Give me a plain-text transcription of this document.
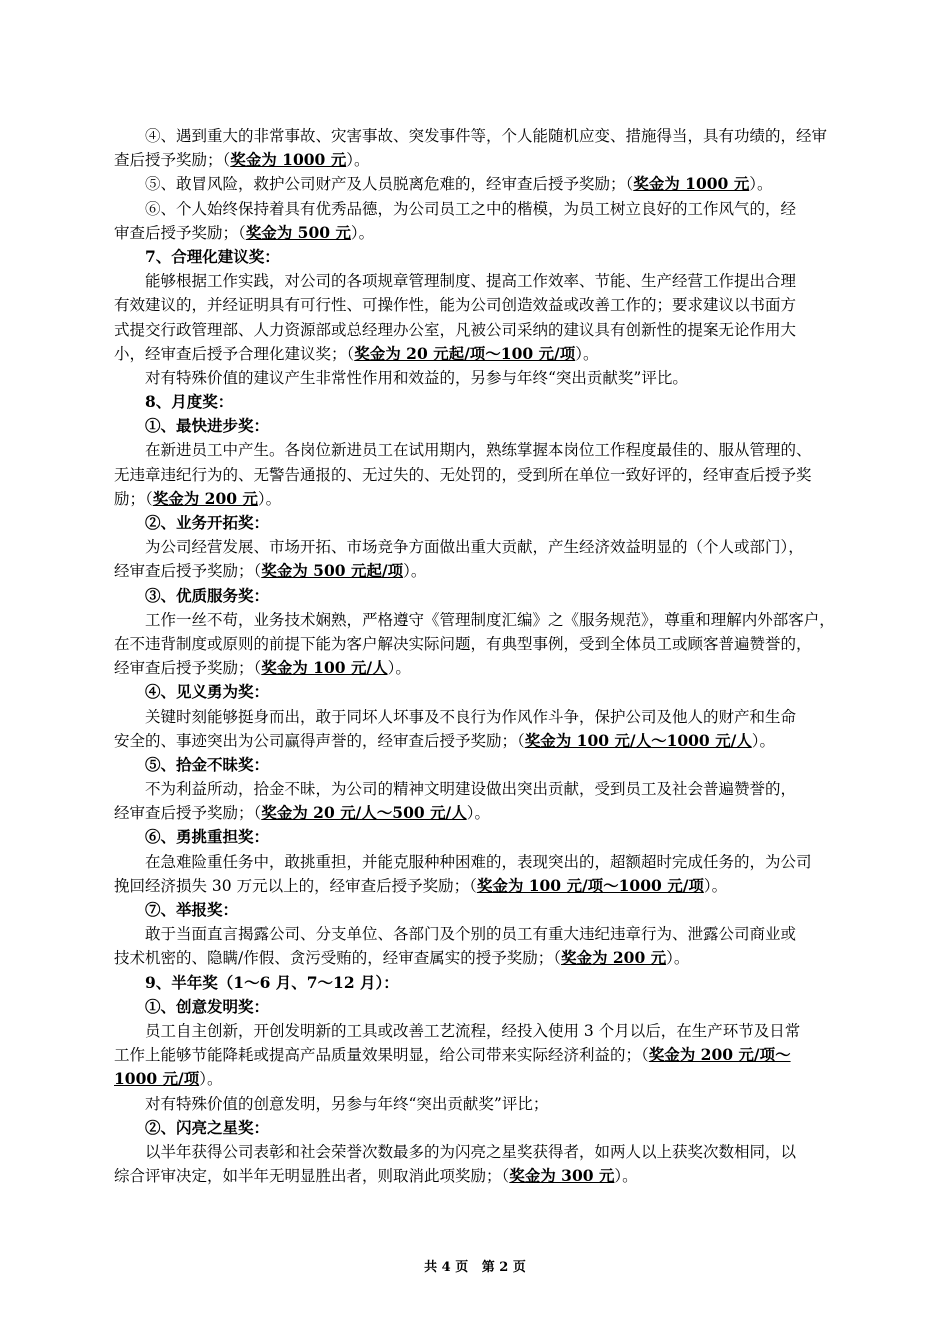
④、遇到重大的非常事故、灾害事故、突发事件等，个人能随机应变、措施得当，具有功绩的，经审
查后授予奖励；（奖金为 1000 元）。
⑤、敢冒风险，救护公司财产及人员脱离危难的，经审查后授予奖励；（奖金为 1000 元）。
⑥、个人始终保持着具有优秀品德，为公司员工之中的楷模，为员工树立良好的工作风气的，经
审查后授予奖励；（奖金为 500 元）。
7、合理化建议奖：
能够根据工作实践，对公司的各项规章管理制度、提高工作效率、节能、生产经营工作提出合理
有效建议的，并经证明具有可行性、可操作性，能为公司创造效益或改善工作的；要求建议以书面方
式提交行政管理部、人力资源部或总经理办公室，凡被公司采纳的建议具有创新性的提案无论作用大
小，经审查后授予合理化建议奖；（奖金为 20 元起/项～100 元/项）。
对有特殊价值的建议产生非常性作用和效益的，另参与年终“突出贡献奖”评比。
8、月度奖：
①、最快进步奖：
在新进员工中产生。各岗位新进员工在试用期内，熟练掌握本岗位工作程度最佳的、服从管理的、
无违章违纪行为的、无警告通报的、无过失的、无处罚的，受到所在单位一致好评的，经审查后授予奖
励；（奖金为 200 元）。
②、业务开拓奖：
为公司经营发展、市场开拓、市场竞争方面做出重大贡献，产生经济效益明显的（个人或部门），
经审查后授予奖励；（奖金为 500 元起/项）。
③、优质服务奖：
工作一丝不苟，业务技术娴熟，严格遵守《管理制度汇编》之《服务规范》，尊重和理解内外部客户，
在不违背制度或原则的前提下能为客户解决实际问题，有典型事例，受到全体员工或顾客普遍赞誉的，
经审查后授予奖励；（奖金为 100 元/人）。
④、见义勇为奖：
关键时刻能够挺身而出，敢于同坏人坏事及不良行为作风作斗争，保护公司及他人的财产和生命
安全的、事迹突出为公司赢得声誉的，经审查后授予奖励；（奖金为 100 元/人～1000 元/人）。
⑤、拾金不昧奖：
不为利益所动，拾金不昧，为公司的精神文明建设做出突出贡献，受到员工及社会普遍赞誉的，
经审查后授予奖励；（奖金为 20 元/人～500 元/人）。
⑥、勇挑重担奖：
在急难险重任务中，敢挑重担，并能克服种种困难的，表现突出的，超额超时完成任务的，为公司
挽回经济损失 30 万元以上的，经审查后授予奖励；（奖金为 100 元/项～1000 元/项）。
⑦、举报奖：
敢于当面直言揭露公司、分支单位、各部门及个别的员工有重大违纪违章行为、泄露公司商业或
技术机密的、隐瞒/作假、贪污受贿的，经审查属实的授予奖励；（奖金为 200 元）。
9、半年奖（1～6 月、7～12 月）：
①、创意发明奖：
员工自主创新，开创发明新的工具或改善工艺流程，经投入使用 3 个月以后，在生产环节及日常
工作上能够节能降耗或提高产品质量效果明显，给公司带来实际经济利益的；（奖金为 200 元/项～
1000 元/项）。
对有特殊价值的创意发明，另参与年终“突出贡献奖”评比；
②、闪亮之星奖：
以半年获得公司表彰和社会荣誉次数最多的为闪亮之星奖获得者，如两人以上获奖次数相同，以
综合评审决定，如半年无明显胜出者，则取消此项奖励；（奖金为 300 元）。
共 4 页   第 2 页
